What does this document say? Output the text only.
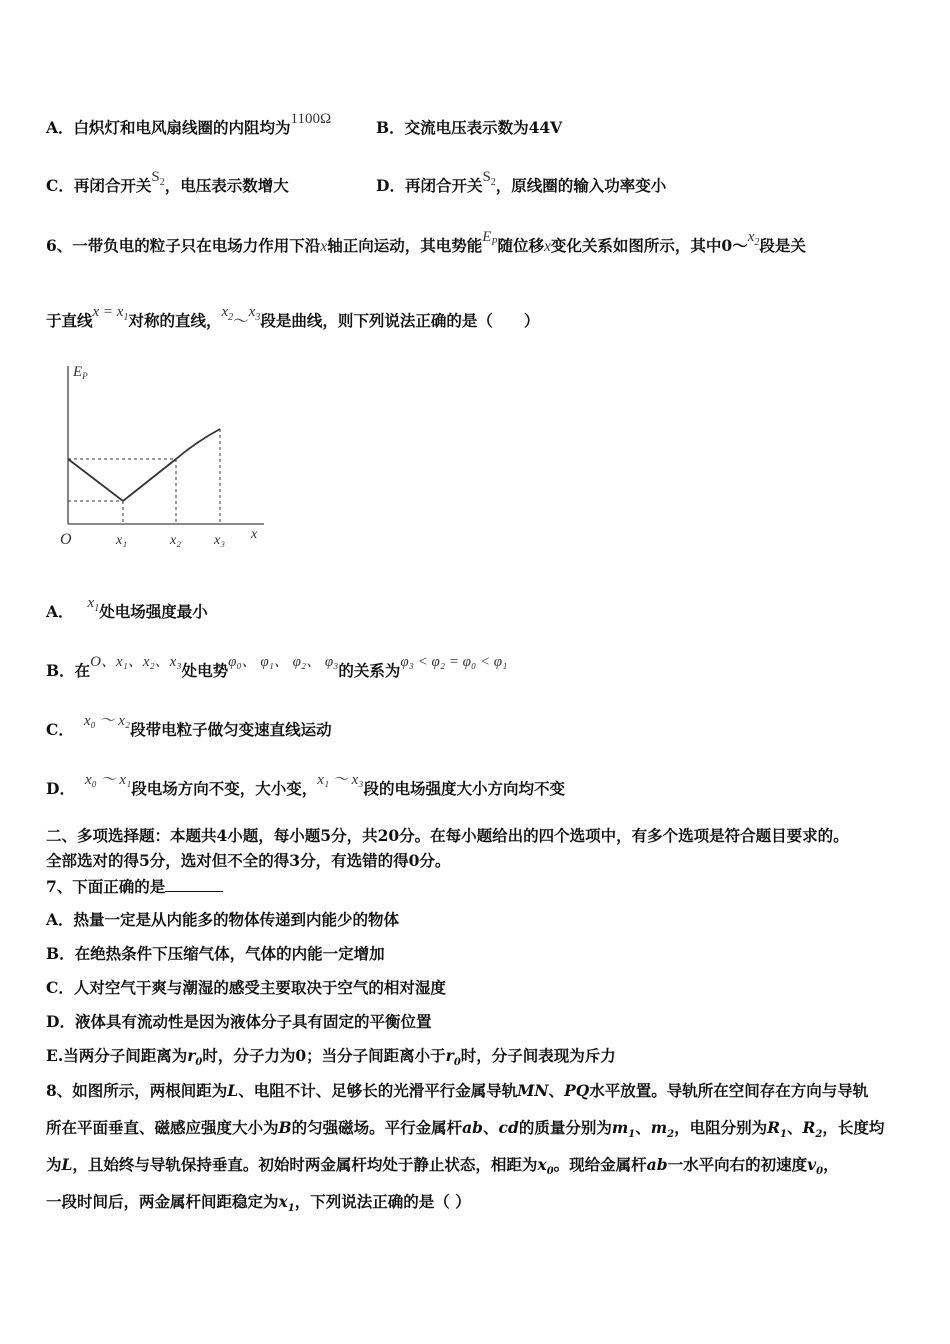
A．白炽灯和电风扇线圈的内阻均为1100Ω	B．交流电压表示数为44V
C．再闭合开关$S_2$，电压表示数增大	D．再闭合开关$S_2$，原线圈的输入功率变小
6、一带负电的粒子只在电场力作用下沿x轴正向运动，其电势能$E_P$随位移x变化关系如图所示，其中$0\sim x_2$段是关
于直线$x = x_1$对称的直线，$x_2\sim x_3$段是曲线，则下列说法正确的是（　　）
$E_P$
O	x₁	x₂ x₃ x
A． $x_1$处电场强度最小
B．在O、x₁、x₂、x₃处电势φ₀、 φ₁、 φ₂、 φ₃的关系为φ₃ < φ₂ = φ₀ < φ₁
C． x₀ ～ x₂段带电粒子做匀变速直线运动
D． x₀ ～ x₁段电场方向不变，大小变，x₁ ～ x₃段的电场强度大小方向均不变
二、多项选择题：本题共4小题，每小题5分，共20分。在每小题给出的四个选项中，有多个选项是符合题目要求的。
全部选对的得5分，选对但不全的得3分，有选错的得0分。
7、下面正确的是
A．热量一定是从内能多的物体传递到内能少的物体
B．在绝热条件下压缩气体，气体的内能一定增加
C．人对空气干爽与潮湿的感受主要取决于空气的相对湿度
D．液体具有流动性是因为液体分子具有固定的平衡位置
E.当两分子间距离为$r_0$时，分子力为0；当分子间距离小于$r_0$时，分子间表现为斥力
8、如图所示，两根间距为L、电阻不计、足够长的光滑平行金属导轨MN、PQ水平放置。导轨所在空间存在方向与导轨
所在平面垂直、磁感应强度大小为B的匀强磁场。平行金属杆ab、cd的质量分别为$m_1$、$m_2$，电阻分别为$R_1$、$R_2$，长度均
为L，且始终与导轨保持垂直。初始时两金属杆均处于静止状态，相距为$x_0$。现给金属杆ab一水平向右的初速度$v_0$，
一段时间后，两金属杆间距稳定为$x_1$，下列说法正确的是（ ）
